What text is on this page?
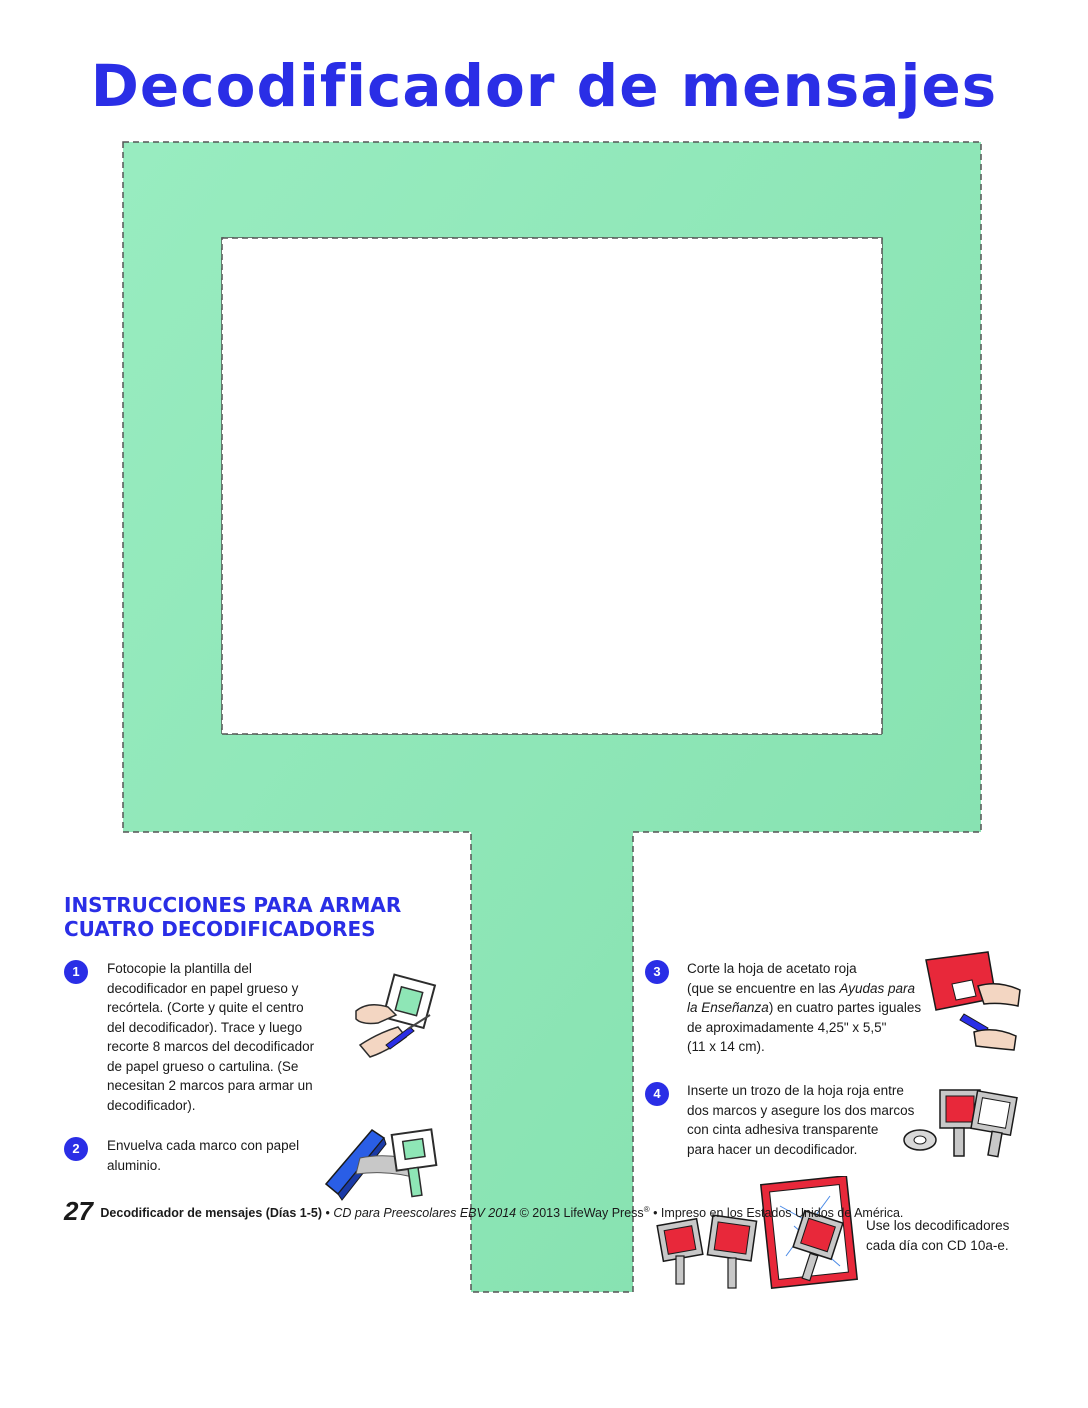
Decodificador de mensajes
INSTRUCCIONES PARA ARMAR
CUATRO DECODIFICADORES
1	Fotocopie la plantilla del
decodificador en papel grueso y
recórtela. (Corte y quite el centro
del decodificador). Trace y luego
recorte 8 marcos del decodificador
de papel grueso o cartulina. (Se
necesitan 2 marcos para armar un
decodificador).
2	Envuelva cada marco con papel
aluminio.
3	Corte la hoja de acetato roja
(que se encuentre en las Ayudas para
la Enseñanza) en cuatro partes iguales
de aproximadamente 4,25" x 5,5"
(11 x 14 cm).
4	Inserte un trozo de la hoja roja entre
dos marcos y asegure los dos marcos
con cinta adhesiva transparente
para hacer un decodificador.
Use los decodificadores
cada día con CD 10a-e.
27 Decodificador de mensajes (Días 1-5) • CD para Preescolares EBV 2014 © 2013 LifeWay Press® • Impreso en los Estados Unidos de América.
